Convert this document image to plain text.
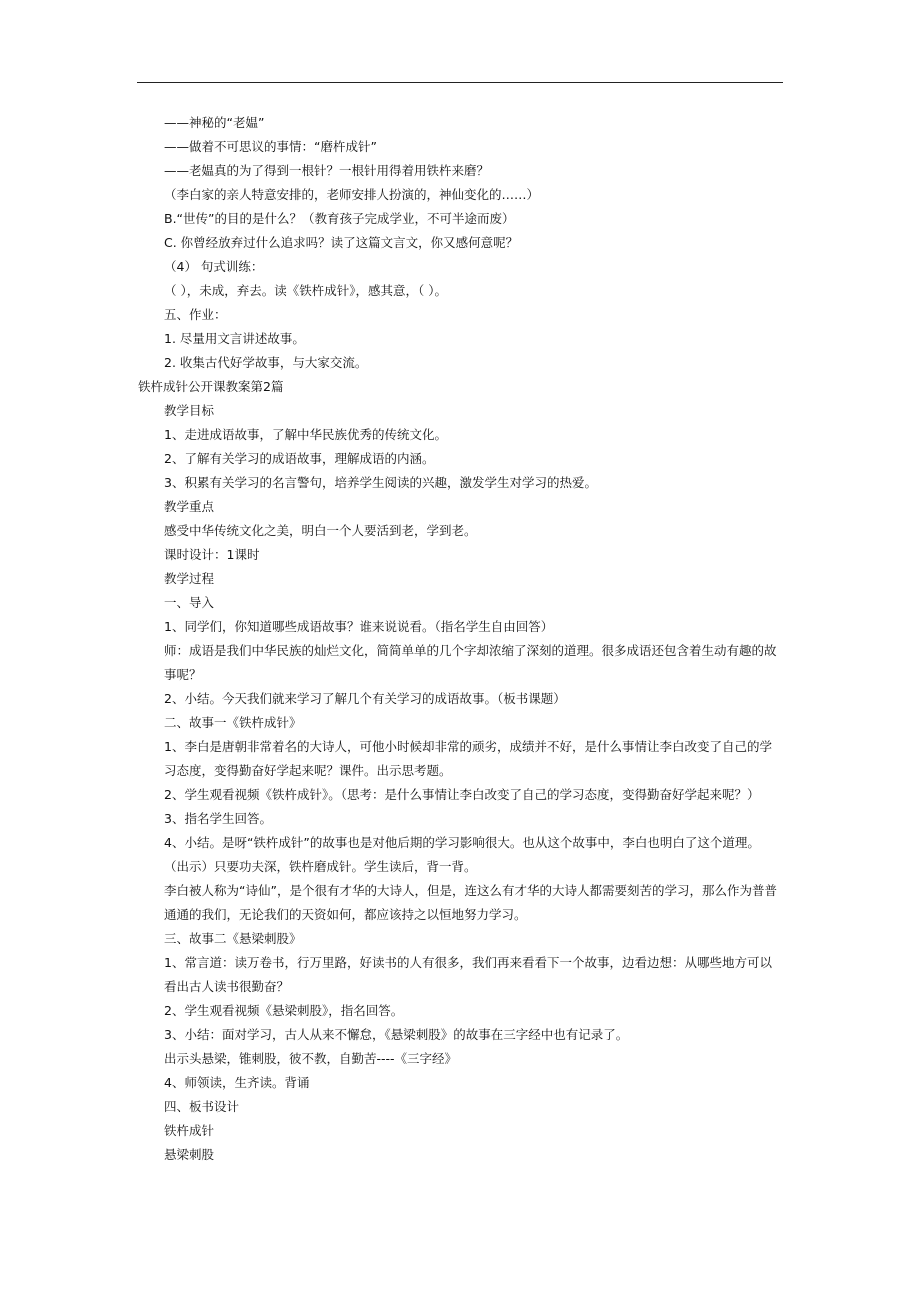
——神秘的“老媪”
——做着不可思议的事情：“磨杵成针”
——老媪真的为了得到一根针？一根针用得着用铁杵来磨？
（李白家的亲人特意安排的，老师安排人扮演的，神仙变化的……）
B.“世传”的目的是什么？（教育孩子完成学业，不可半途而废）
C. 你曾经放弃过什么追求吗？读了这篇文言文，你又感何意呢？
（4） 句式训练：
（ ），未成，弃去。读《铁杵成针》，感其意，（ ）。
五、作业：
1. 尽量用文言讲述故事。
2. 收集古代好学故事，与大家交流。
铁杵成针公开课教案第2篇
教学目标
1、走进成语故事，了解中华民族优秀的传统文化。
2、了解有关学习的成语故事，理解成语的内涵。
3、积累有关学习的名言警句，培养学生阅读的兴趣，激发学生对学习的热爱。
教学重点
感受中华传统文化之美，明白一个人要活到老，学到老。
课时设计：1课时
教学过程
一、导入
1、同学们，你知道哪些成语故事？谁来说说看。（指名学生自由回答）
师：成语是我们中华民族的灿烂文化，简简单单的几个字却浓缩了深刻的道理。很多成语还包含着生动有趣的故事呢？
2、小结。今天我们就来学习了解几个有关学习的成语故事。（板书课题）
二、故事一《铁杵成针》
1、李白是唐朝非常着名的大诗人，可他小时候却非常的顽劣，成绩并不好，是什么事情让李白改变了自己的学习态度，变得勤奋好学起来呢？课件。出示思考题。
2、学生观看视频《铁杵成针》。（思考：是什么事情让李白改变了自己的学习态度，变得勤奋好学起来呢？）
3、指名学生回答。
4、小结。是呀“铁杵成针”的故事也是对他后期的学习影响很大。也从这个故事中，李白也明白了这个道理。
（出示）只要功夫深，铁杵磨成针。学生读后，背一背。
李白被人称为“诗仙”，是个很有才华的大诗人，但是，连这么有才华的大诗人都需要刻苦的学习，那么作为普普通通的我们，无论我们的天资如何，都应该持之以恒地努力学习。
三、故事二《悬梁刺股》
1、常言道：读万卷书，行万里路，好读书的人有很多，我们再来看看下一个故事，边看边想：从哪些地方可以看出古人读书很勤奋？
2、学生观看视频《悬梁刺股》，指名回答。
3、小结：面对学习，古人从来不懈怠，《悬梁刺股》的故事在三字经中也有记录了。
出示头悬梁，锥刺股，彼不教，自勤苦----《三字经》
4、师领读，生齐读。背诵
四、板书设计
铁杵成针
悬梁刺股
